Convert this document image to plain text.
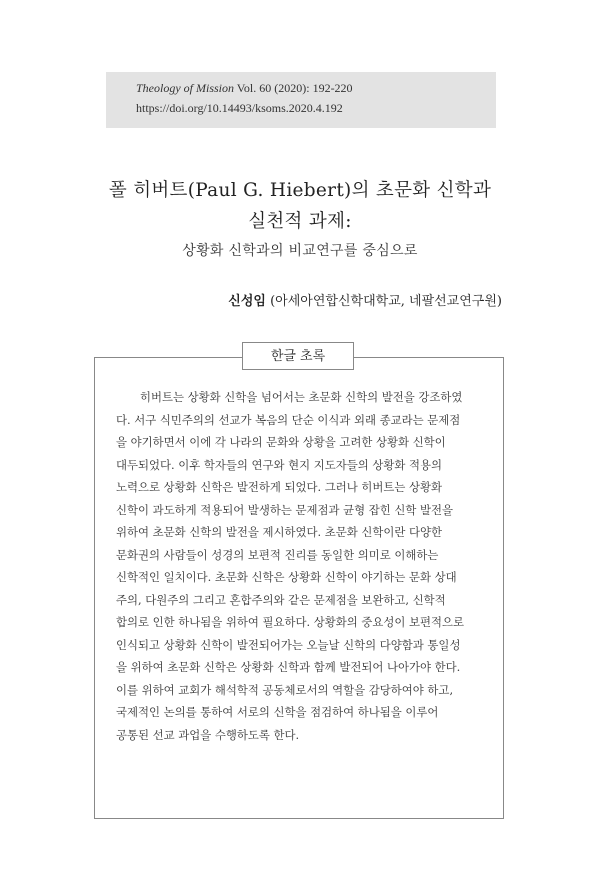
Theology of Mission Vol. 60 (2020): 192-220
https://doi.org/10.14493/ksoms.2020.4.192
폴 히버트(Paul G. Hiebert)의 초문화 신학과
실천적 과제:
상황화 신학과의 비교연구를 중심으로
신성임 (아세아연합신학대학교, 네팔선교연구원)
한글 초록
히버트는 상황화 신학을 넘어서는 초문화 신학의 발전을 강조하였
다. 서구 식민주의의 선교가 복음의 단순 이식과 외래 종교라는 문제점
을 야기하면서 이에 각 나라의 문화와 상황을 고려한 상황화 신학이
대두되었다. 이후 학자들의 연구와 현지 지도자들의 상황화 적용의
노력으로 상황화 신학은 발전하게 되었다. 그러나 히버트는 상황화
신학이 과도하게 적용되어 발생하는 문제점과 균형 잡힌 신학 발전을
위하여 초문화 신학의 발전을 제시하였다. 초문화 신학이란 다양한
문화권의 사람들이 성경의 보편적 진리를 동일한 의미로 이해하는
신학적인 일치이다. 초문화 신학은 상황화 신학이 야기하는 문화 상대
주의, 다원주의 그리고 혼합주의와 같은 문제점을 보완하고, 신학적
합의로 인한 하나됨을 위하여 필요하다. 상황화의 중요성이 보편적으로
인식되고 상황화 신학이 발전되어가는 오늘날 신학의 다양함과 통일성
을 위하여 초문화 신학은 상황화 신학과 함께 발전되어 나아가야 한다.
이를 위하여 교회가 해석학적 공동체로서의 역할을 감당하여야 하고,
국제적인 논의를 통하여 서로의 신학을 점검하여 하나됨을 이루어
공통된 선교 과업을 수행하도록 한다.
